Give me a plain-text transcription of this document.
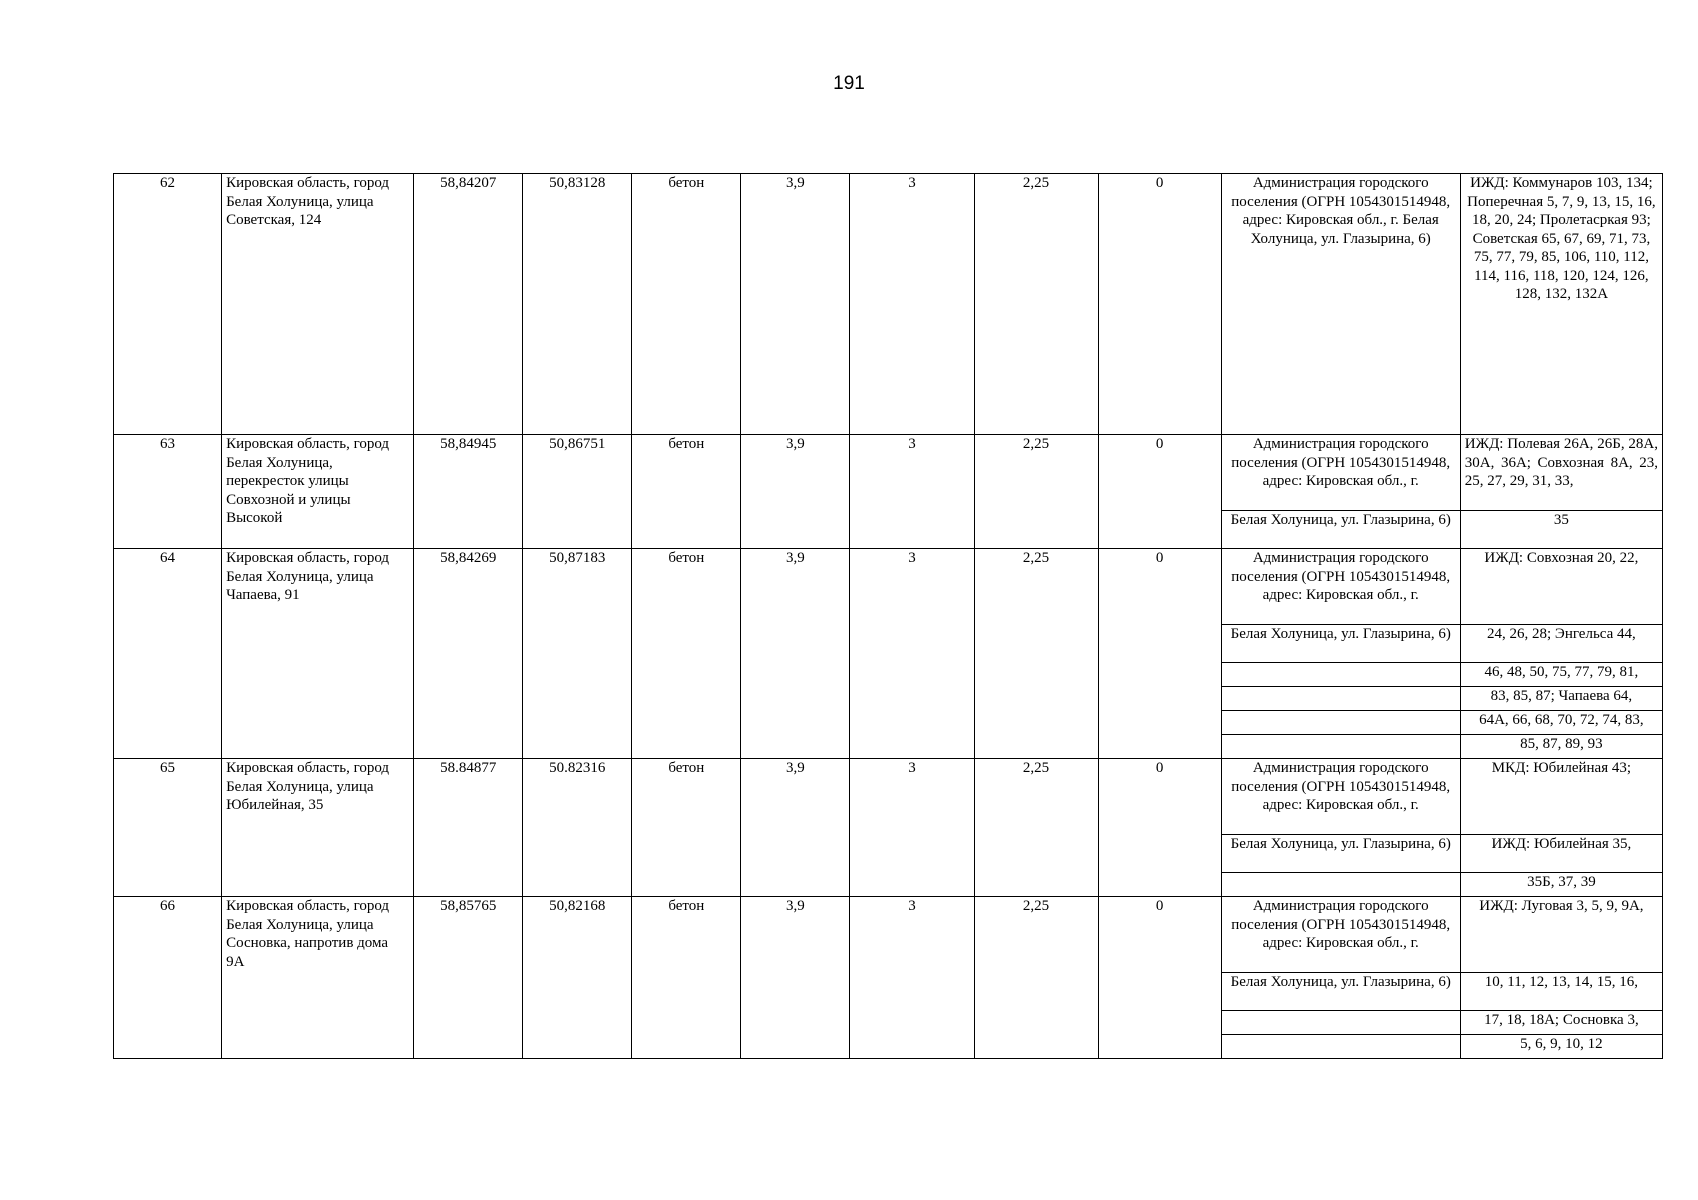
191
62	Кировская область, город Белая Холуница, улица Советская, 124	58,84207	50,83128	бетон	3,9	3	2,25	0	Администрация городского поселения (ОГРН 1054301514948, адрес: Кировская обл., г. Белая Холуница, ул. Глазырина, 6)	ИЖД: Коммунаров 103, 134; Поперечная 5, 7, 9, 13, 15, 16, 18, 20, 24; Пролетасркая 93; Советская 65, 67, 69, 71, 73, 75, 77, 79, 85, 106, 110, 112, 114, 116, 118, 120, 124, 126, 128, 132, 132А
63	Кировская область, город Белая Холуница, перекресток улицы Совхозной и улицы Высокой	58,84945	50,86751	бетон	3,9	3	2,25	0	Администрация городского поселения (ОГРН 1054301514948, адрес: Кировская обл., г.	ИЖД: Полевая 26А, 26Б, 28А, 30А, 36А; Совхозная 8А, 23, 25, 27, 29, 31, 33,
									Белая Холуница, ул. Глазырина, 6)	35
64	Кировская область, город Белая Холуница, улица Чапаева, 91	58,84269	50,87183	бетон	3,9	3	2,25	0	Администрация городского поселения (ОГРН 1054301514948, адрес: Кировская обл., г.	ИЖД: Совхозная 20, 22,
									Белая Холуница, ул. Глазырина, 6)	24, 26, 28; Энгельса 44,
										46, 48, 50, 75, 77, 79, 81,
										83, 85, 87; Чапаева 64,
										64А, 66, 68, 70, 72, 74, 83,
										85, 87, 89, 93
65	Кировская область, город Белая Холуница, улица Юбилейная, 35	58.84877	50.82316	бетон	3,9	3	2,25	0	Администрация городского поселения (ОГРН 1054301514948, адрес: Кировская обл., г.	МКД: Юбилейная 43;
									Белая Холуница, ул. Глазырина, 6)	ИЖД: Юбилейная 35,
										35Б, 37, 39
66	Кировская область, город Белая Холуница, улица Сосновка, напротив дома 9А	58,85765	50,82168	бетон	3,9	3	2,25	0	Администрация городского поселения (ОГРН 1054301514948, адрес: Кировская обл., г.	ИЖД: Луговая 3, 5, 9, 9А,
									Белая Холуница, ул. Глазырина, 6)	10, 11, 12, 13, 14, 15, 16,
										17, 18, 18А; Сосновка 3,
										5, 6, 9, 10, 12
